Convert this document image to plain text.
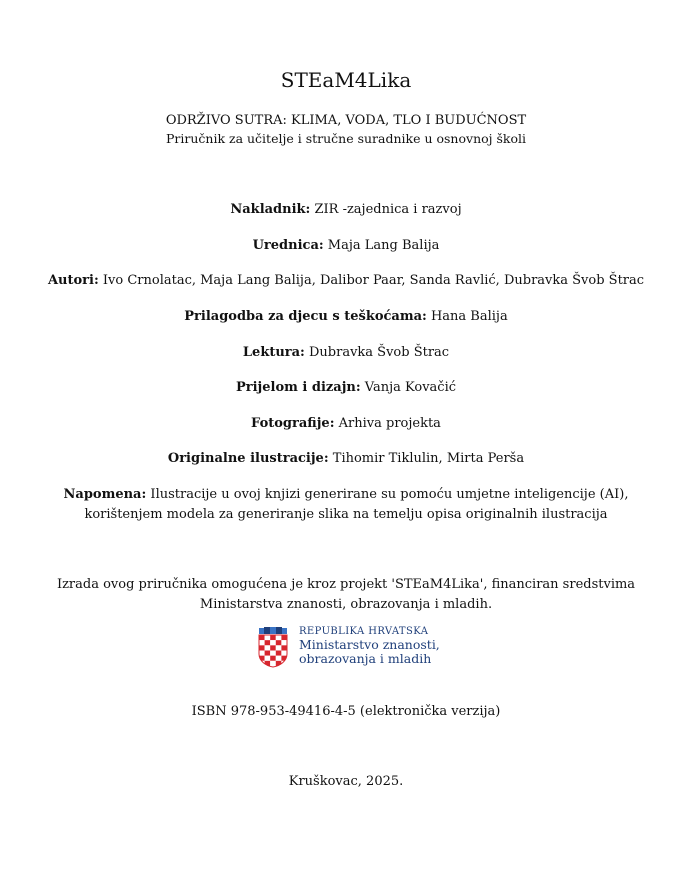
STEaM4Lika
ODRŽIVO SUTRA: KLIMA, VODA, TLO I BUDUĆNOST
Priručnik za učitelje i stručne suradnike u osnovnoj školi
Nakladnik: ZIR -zajednica i razvoj
Urednica: Maja Lang Balija
Autori: Ivo Crnolatac, Maja Lang Balija, Dalibor Paar, Sanda Ravlić, Dubravka Švob Štrac
Prilagodba za djecu s teškoćama: Hana Balija
Lektura: Dubravka Švob Štrac
Prijelom i dizajn: Vanja Kovačić
Fotografije: Arhiva projekta
Originalne ilustracije: Tihomir Tiklulin, Mirta Perša
Napomena: Ilustracije u ovoj knjizi generirane su pomoću umjetne inteligencije (AI),
korištenjem modela za generiranje slika na temelju opisa originalnih ilustracija
Izrada ovog priručnika omogućena je kroz projekt 'STEaM4Lika', financiran sredstvima
Ministarstva znanosti, obrazovanja i mladih.
REPUBLIKA HRVATSKA
Ministarstvo znanosti,
obrazovanja i mladih
ISBN 978-953-49416-4-5 (elektronička verzija)
Kruškovac, 2025.
